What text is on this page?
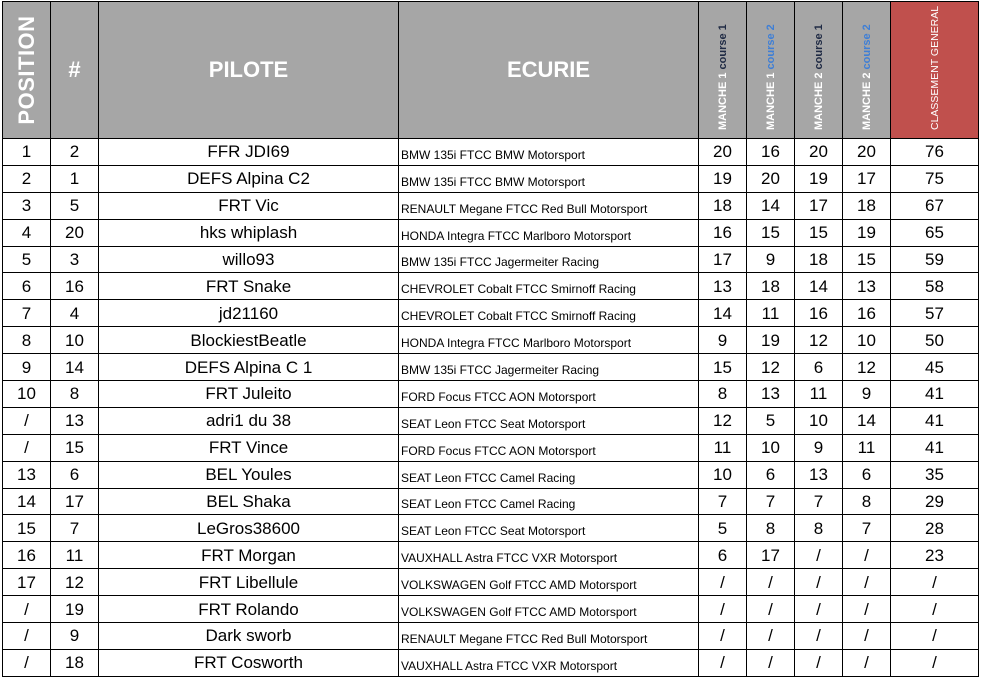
POSITION	#	PILOTE	ECURIE	MANCHE 1 course 1	MANCHE 1 course 2	MANCHE 2 course 1	MANCHE 2 course 2	CLASSEMENT GENERAL

1	2	FFR JDI69	BMW 135i FTCC BMW Motorsport	20	16	20	20	76
2	1	DEFS Alpina C2	BMW 135i FTCC BMW Motorsport	19	20	19	17	75
3	5	FRT Vic	RENAULT Megane FTCC Red Bull Motorsport	18	14	17	18	67
4	20	hks whiplash	HONDA Integra FTCC Marlboro Motorsport	16	15	15	19	65
5	3	willo93	BMW 135i FTCC Jagermeiter Racing	17	9	18	15	59
6	16	FRT Snake	CHEVROLET Cobalt FTCC Smirnoff Racing	13	18	14	13	58
7	4	jd21160	CHEVROLET Cobalt FTCC Smirnoff Racing	14	11	16	16	57
8	10	BlockiestBeatle	HONDA Integra FTCC Marlboro Motorsport	9	19	12	10	50
9	14	DEFS Alpina C 1	BMW 135i FTCC Jagermeiter Racing	15	12	6	12	45
10	8	FRT Juleito	FORD Focus FTCC AON Motorsport	8	13	11	9	41
/	13	adri1 du 38	SEAT Leon FTCC Seat Motorsport	12	5	10	14	41
/	15	FRT Vince	FORD Focus FTCC AON Motorsport	11	10	9	11	41
13	6	BEL Youles	SEAT Leon FTCC Camel Racing	10	6	13	6	35
14	17	BEL Shaka	SEAT Leon FTCC Camel Racing	7	7	7	8	29
15	7	LeGros38600	SEAT Leon FTCC Seat Motorsport	5	8	8	7	28
16	11	FRT Morgan	VAUXHALL Astra FTCC VXR Motorsport	6	17	/	/	23
17	12	FRT Libellule	VOLKSWAGEN Golf FTCC AMD Motorsport	/	/	/	/	/
/	19	FRT Rolando	VOLKSWAGEN Golf FTCC AMD Motorsport	/	/	/	/	/
/	9	Dark sworb	RENAULT Megane FTCC Red Bull Motorsport	/	/	/	/	/
/	18	FRT Cosworth	VAUXHALL Astra FTCC VXR Motorsport	/	/	/	/	/
